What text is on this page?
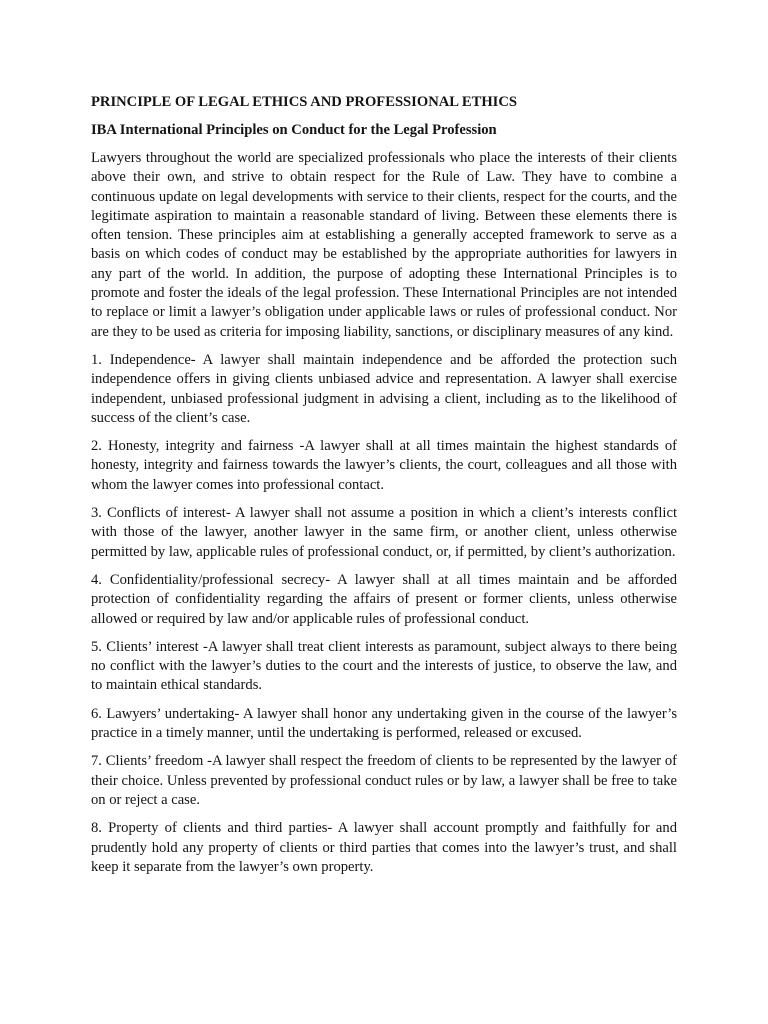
PRINCIPLE OF LEGAL ETHICS AND PROFESSIONAL ETHICS

IBA International Principles on Conduct for the Legal Profession

Lawyers throughout the world are specialized professionals who place the interests of their clients above their own, and strive to obtain respect for the Rule of Law. They have to combine a continuous update on legal developments with service to their clients, respect for the courts, and the legitimate aspiration to maintain a reasonable standard of living. Between these elements there is often tension. These principles aim at establishing a generally accepted framework to serve as a basis on which codes of conduct may be established by the appropriate authorities for lawyers in any part of the world. In addition, the purpose of adopting these International Principles is to promote and foster the ideals of the legal profession. These International Principles are not intended to replace or limit a lawyer’s obligation under applicable laws or rules of professional conduct. Nor are they to be used as criteria for imposing liability, sanctions, or disciplinary measures of any kind.

1. Independence- A lawyer shall maintain independence and be afforded the protection such independence offers in giving clients unbiased advice and representation. A lawyer shall exercise independent, unbiased professional judgment in advising a client, including as to the likelihood of success of the client’s case.

2. Honesty, integrity and fairness -A lawyer shall at all times maintain the highest standards of honesty, integrity and fairness towards the lawyer’s clients, the court, colleagues and all those with whom the lawyer comes into professional contact.

3. Conflicts of interest- A lawyer shall not assume a position in which a client’s interests conflict with those of the lawyer, another lawyer in the same firm, or another client, unless otherwise permitted by law, applicable rules of professional conduct, or, if permitted, by client’s authorization.

4. Confidentiality/professional secrecy- A lawyer shall at all times maintain and be afforded protection of confidentiality regarding the affairs of present or former clients, unless otherwise allowed or required by law and/or applicable rules of professional conduct.

5. Clients’ interest -A lawyer shall treat client interests as paramount, subject always to there being no conflict with the lawyer’s duties to the court and the interests of justice, to observe the law, and to maintain ethical standards.

6. Lawyers’ undertaking- A lawyer shall honor any undertaking given in the course of the lawyer’s practice in a timely manner, until the undertaking is performed, released or excused.

7. Clients’ freedom -A lawyer shall respect the freedom of clients to be represented by the lawyer of their choice. Unless prevented by professional conduct rules or by law, a lawyer shall be free to take on or reject a case.

8. Property of clients and third parties- A lawyer shall account promptly and faithfully for and prudently hold any property of clients or third parties that comes into the lawyer’s trust, and shall keep it separate from the lawyer’s own property.
